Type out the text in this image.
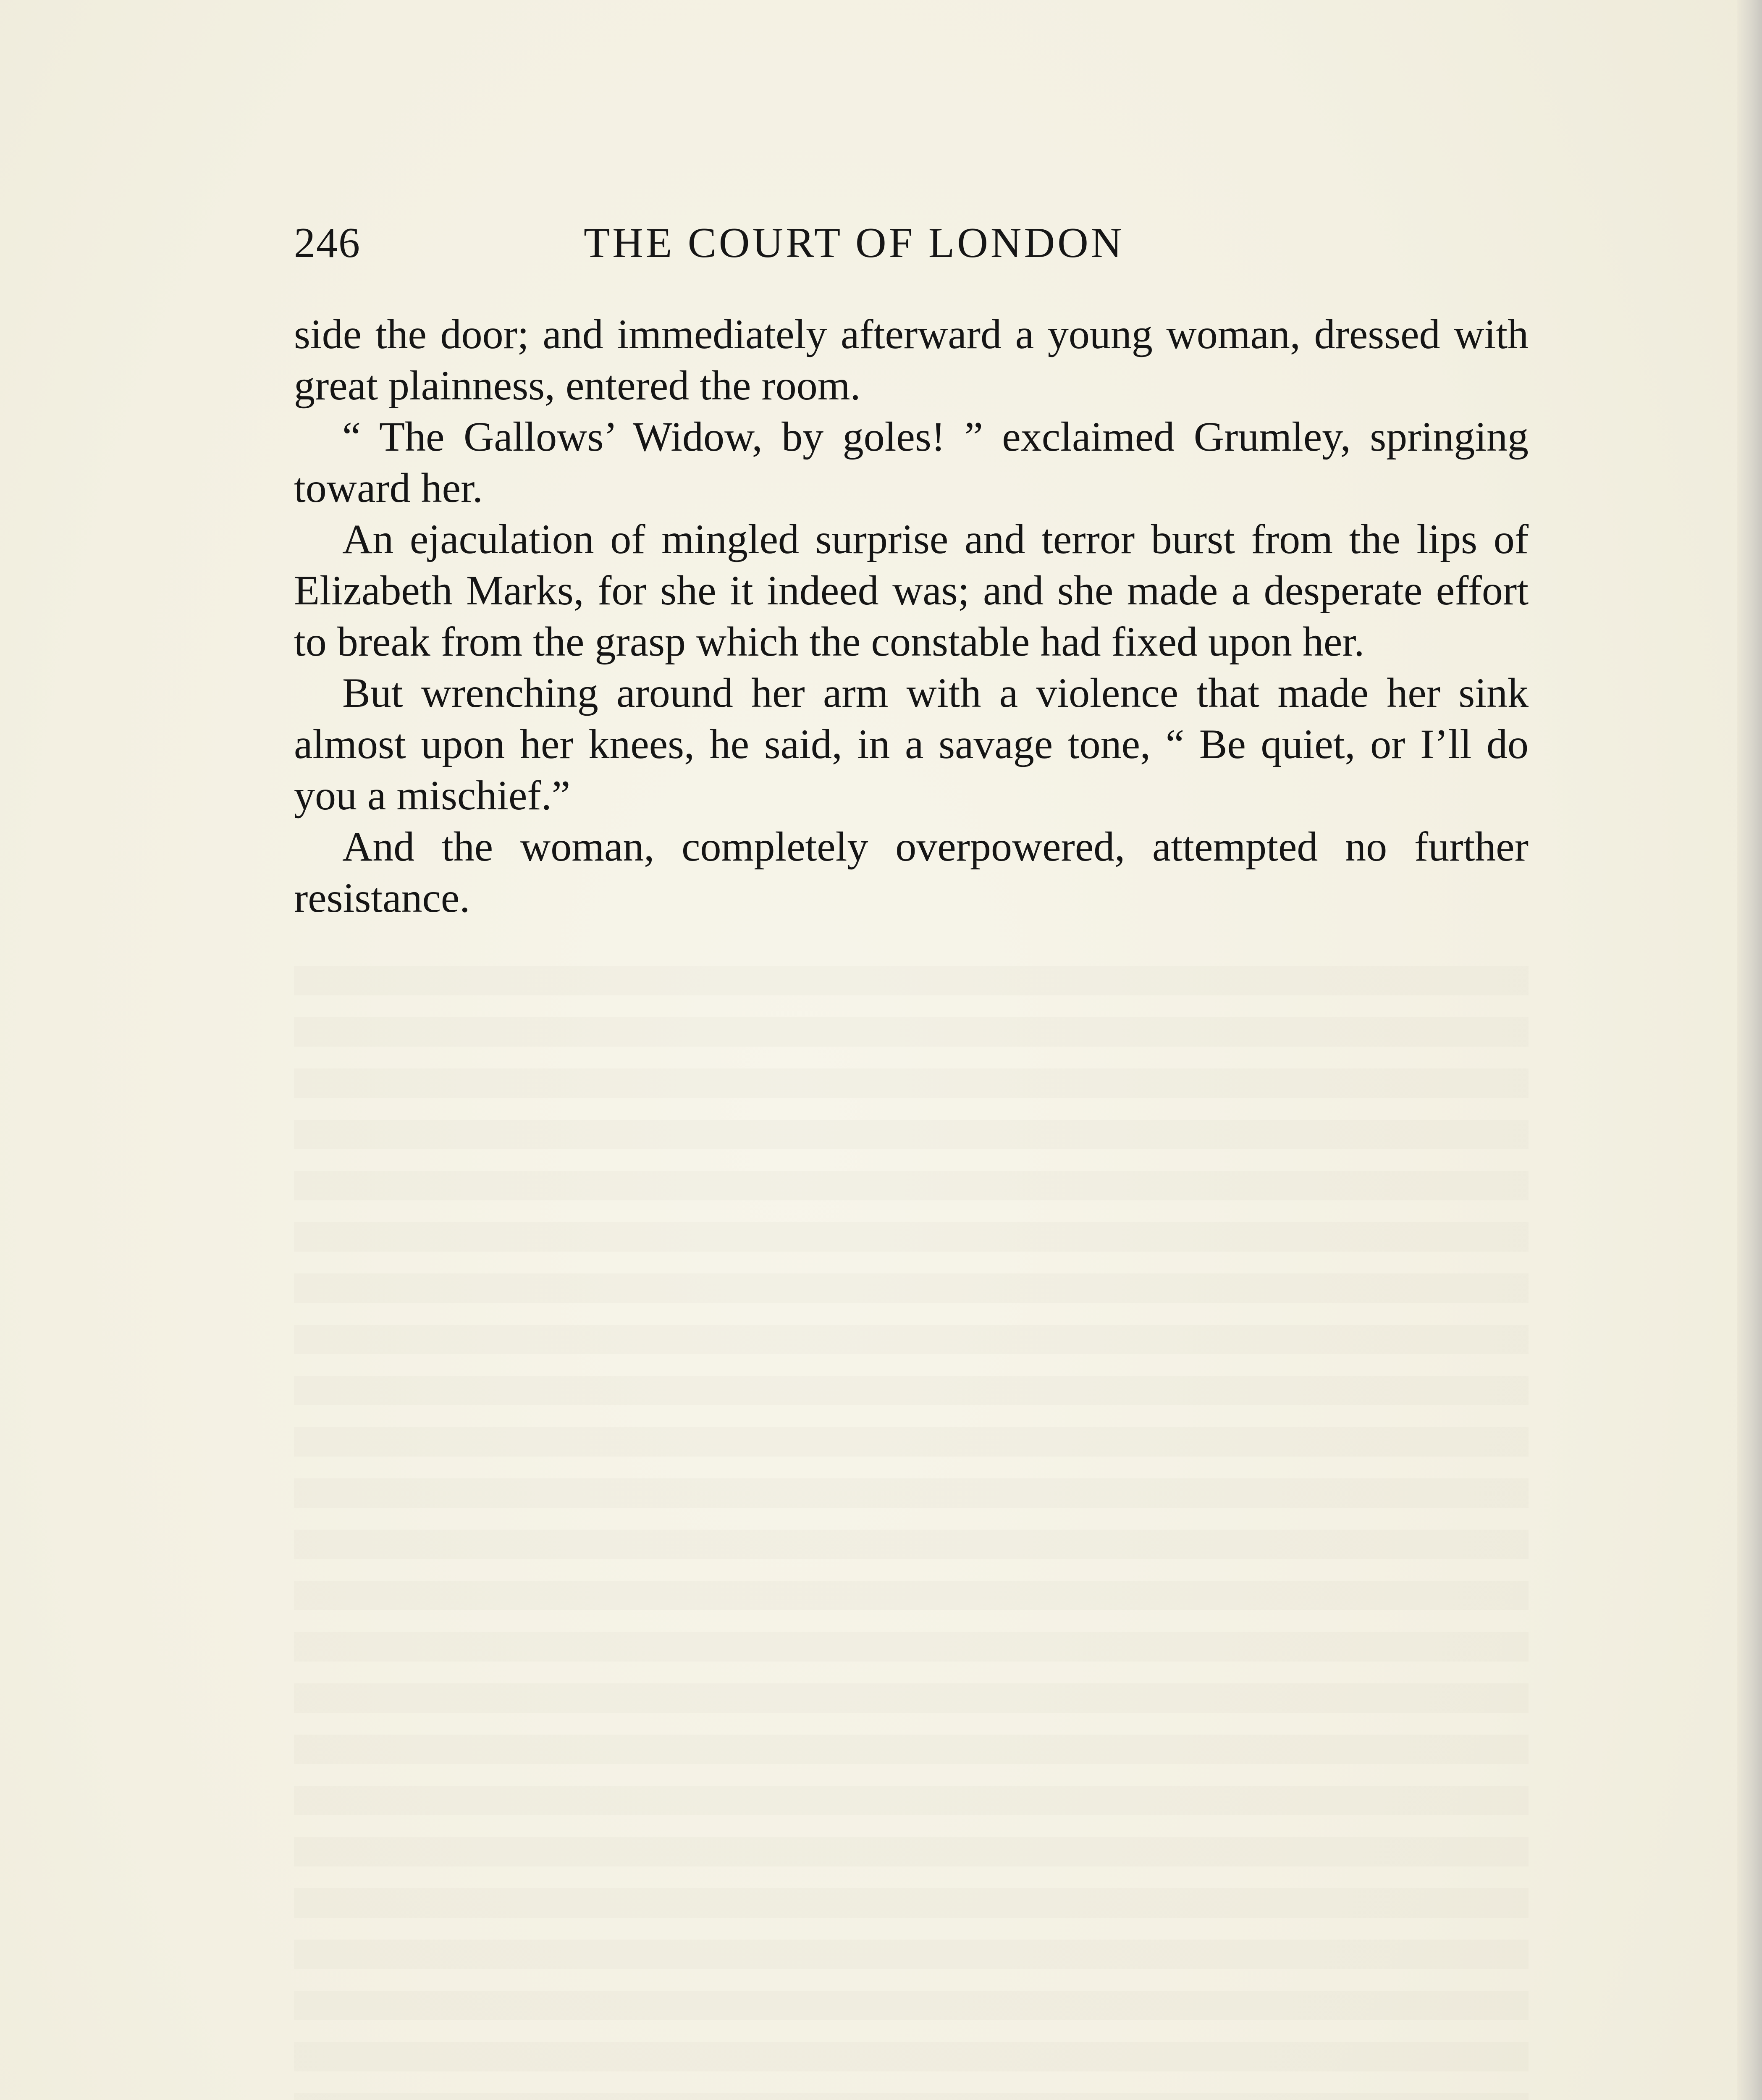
246	THE COURT OF LONDON

side the door; and immediately afterward a young woman, dressed with great plainness, entered the room.

“ The Gallows’ Widow, by goles! ” exclaimed Grumley, springing toward her.

An ejaculation of mingled surprise and terror burst from the lips of Elizabeth Marks, for she it indeed was; and she made a desperate effort to break from the grasp which the constable had fixed upon her.

But wrenching around her arm with a violence that made her sink almost upon her knees, he said, in a savage tone, “ Be quiet, or I’ll do you a mischief.”

And the woman, completely overpowered, attempted no further resistance.
